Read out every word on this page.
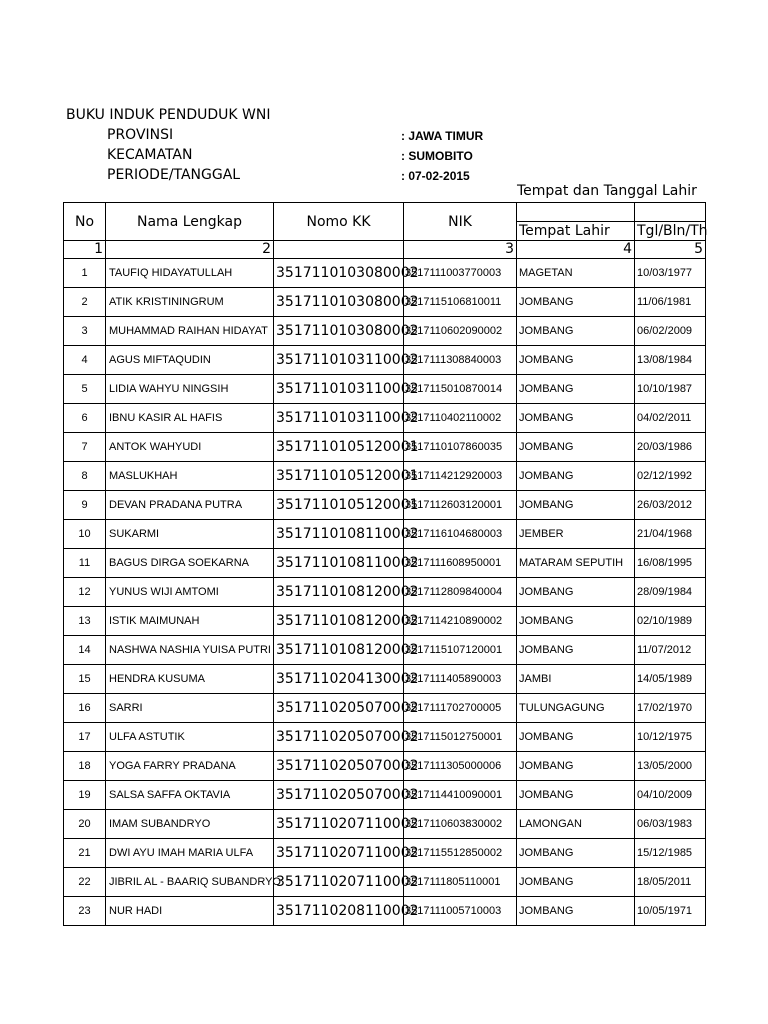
BUKU INDUK PENDUDUK WNI
PROVINSI	: JAWA TIMUR
KECAMATAN	: SUMOBITO
PERIODE/TANGGAL	: 07-02-2015
Tempat dan Tanggal Lahir
No	Nama Lengkap	Nomo KK	NIK		
				Tempat Lahir	Tgl/Bln/Th
1	2		3	4	5
1	TAUFIQ HIDAYATULLAH	3517110103080002	3517111003770003	MAGETAN	10/03/1977
2	ATIK KRISTININGRUM	3517110103080002	3517115106810011	JOMBANG	11/06/1981
3	MUHAMMAD RAIHAN HIDAYAT	3517110103080002	3517110602090002	JOMBANG	06/02/2009
4	AGUS MIFTAQUDIN	3517110103110002	3517111308840003	JOMBANG	13/08/1984
5	LIDIA WAHYU NINGSIH	3517110103110002	3517115010870014	JOMBANG	10/10/1987
6	IBNU KASIR AL HAFIS	3517110103110002	3517110402110002	JOMBANG	04/02/2011
7	ANTOK WAHYUDI	3517110105120001	3517110107860035	JOMBANG	20/03/1986
8	MASLUKHAH	3517110105120001	3517114212920003	JOMBANG	02/12/1992
9	DEVAN PRADANA PUTRA	3517110105120001	3517112603120001	JOMBANG	26/03/2012
10	SUKARMI	3517110108110002	3517116104680003	JEMBER	21/04/1968
11	BAGUS DIRGA SOEKARNA	3517110108110002	3517111608950001	MATARAM SEPUTIH	16/08/1995
12	YUNUS WIJI AMTOMI	3517110108120002	3517112809840004	JOMBANG	28/09/1984
13	ISTIK MAIMUNAH	3517110108120002	3517114210890002	JOMBANG	02/10/1989
14	NASHWA NASHIA YUISA PUTRI	3517110108120002	3517115107120001	JOMBANG	11/07/2012
15	HENDRA KUSUMA	3517110204130002	3517111405890003	JAMBI	14/05/1989
16	SARRI	3517110205070002	3517111702700005	TULUNGAGUNG	17/02/1970
17	ULFA ASTUTIK	3517110205070002	3517115012750001	JOMBANG	10/12/1975
18	YOGA FARRY PRADANA	3517110205070002	3517111305000006	JOMBANG	13/05/2000
19	SALSA SAFFA OKTAVIA	3517110205070002	3517114410090001	JOMBANG	04/10/2009
20	IMAM SUBANDRYO	3517110207110002	3517110603830002	LAMONGAN	06/03/1983
21	DWI AYU IMAH MARIA ULFA	3517110207110002	3517115512850002	JOMBANG	15/12/1985
22	JIBRIL AL - BAARIQ SUBANDRYO	3517110207110002	3517111805110001	JOMBANG	18/05/2011
23	NUR HADI	3517110208110002	3517111005710003	JOMBANG	10/05/1971
